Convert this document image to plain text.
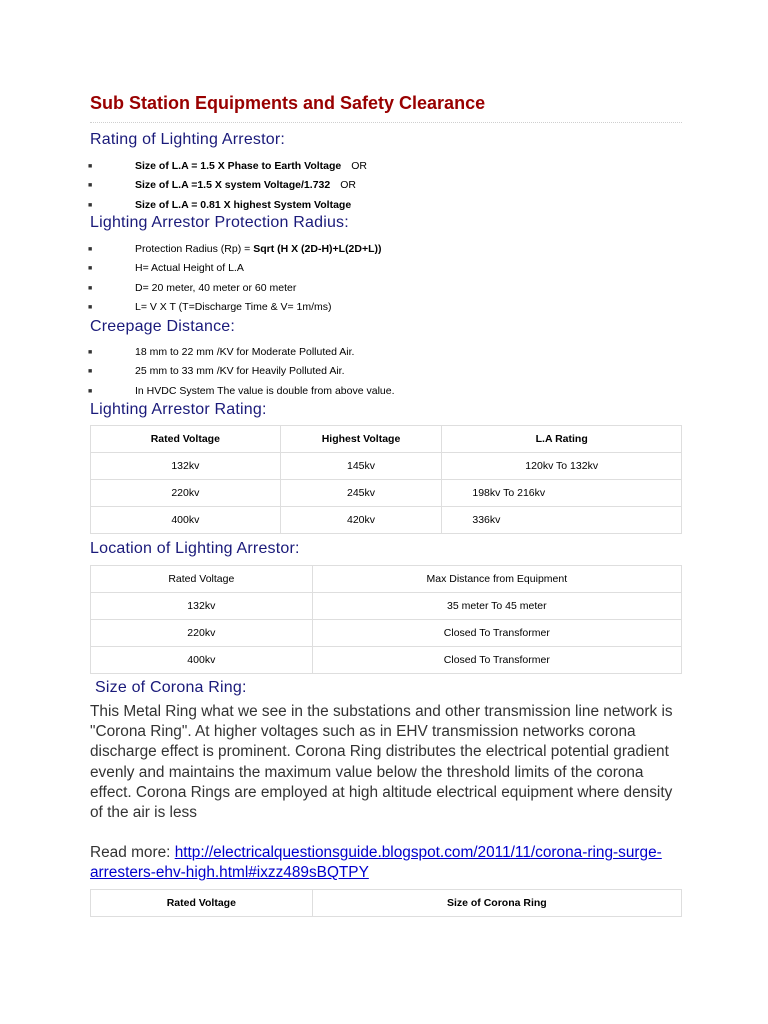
Sub Station Equipments and Safety Clearance
Rating of Lighting Arrestor:
■	Size of L.A = 1.5 X Phase to Earth Voltage OR
■	Size of L.A =1.5 X system Voltage/1.732 OR
■	Size of L.A = 0.81 X highest System Voltage
Lighting Arrestor Protection Radius:
■	Protection Radius (Rp) = Sqrt (H X (2D-H)+L(2D+L))
■	H= Actual Height of L.A
■	D= 20 meter, 40 meter or 60 meter
■	L= V X T (T=Discharge Time & V= 1m/ms)
Creepage Distance:
■	18 mm to 22 mm /KV for Moderate Polluted Air.
■	25 mm to 33 mm /KV for Heavily Polluted Air.
■	In HVDC System The value is double from above value.
Lighting Arrestor Rating:
Rated Voltage	Highest Voltage	L.A Rating
132kv	145kv	120kv To 132kv
220kv	245kv	198kv To 216kv
400kv	420kv	336kv
Location of Lighting Arrestor:
Rated Voltage	Max Distance from Equipment
132kv	35 meter To 45 meter
220kv	Closed To Transformer
400kv	Closed To Transformer
Size of Corona Ring:
This Metal Ring what we see in the substations and other transmission line network is "Corona Ring". At higher voltages such as in EHV transmission networks corona discharge effect is prominent. Corona Ring distributes the electrical potential gradient evenly and maintains the maximum value below the threshold limits of the corona effect. Corona Rings are employed at high altitude electrical equipment where density of the air is less
Read more: http://electricalquestionsguide.blogspot.com/2011/11/corona-ring-surge-arresters-ehv-high.html#ixzz489sBQTPY
Rated Voltage	Size of Corona Ring
